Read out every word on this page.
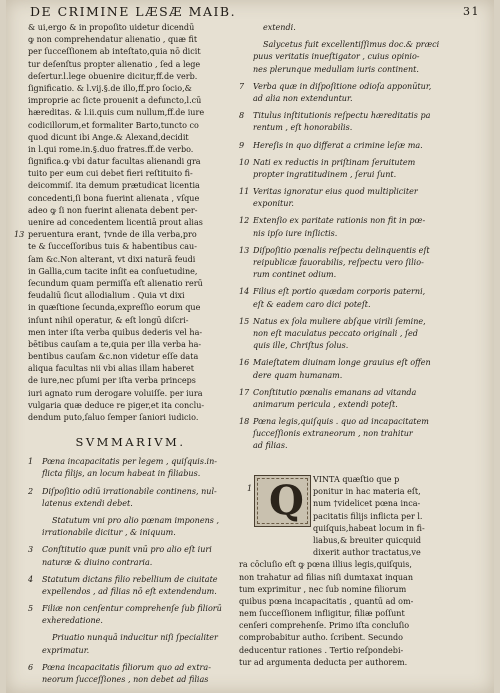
DE CRIMINE LÆSÆ MAIB.	31
& ui,ergo & in propoſito uidetur dicendū
ꝙ non comprehendatur alienatio , quæ fit
per ſucceſſionem ab inteſtato,quia nō dicit
tur deſenſtus propter alienatio , ſed a lege
deſertur.l.lege obuenire dicitur,ff.de verb.
ſignificatio. & l.vij.§.de illo,ff.pro ſocio,&
improprie ac ſicte prouenit a defuncto,l.cū
hæreditas. & l.ii.quis cum nullum,ff.de iure
codicillorum,et formaliter Barto,tuncto co
quod dicunt ibi Ange.& Alexand,decidit
in l.qui rome.in.§.duo fratres.ff.de verbo.
ſignifica.ꝙ vbi datur facultas alienandi gra
tuito per eum cui debet fieri reſtituito fi-
deicommiſ. ita demum prætudicat licentia
concedenti,ſi bona fuerint alienata , vſque
adeo ꝙ ſi non fuerint alienata debent per-
uenire ad concedentem licentiā prout alias
13 peruentura erant, †vnde de illa verba,pro
te & ſucceſſoribus tuis & habentibus cau-
ſam &c.Non alterant, vt dixi naturā feudi
in Gallia,cum tacite inſit ea conſuetudine,
ſecundum quam permiſſa eſt alienatio rerū
feudaliū ſicut allodialium . Quia vt dixi
in quæſtione ſecunda,expreſſio eorum que
inſunt nihil operatur, & eſt longū diſcri-
men inter iſta verba quibus dederis vel ha-
bētibus cauſam a te,quia per illa verba ha-
bentibus cauſam &c.non videtur eſſe data
aliqua facultas nii vbi alias illam haberet
de iure,nec pſumi per iſta verba princeps
iuri agnato rum derogare voluiſſe. per iura
vulgaria quæ deduce re piger,et ita conclu-
dendum puto,ſaluo ſemper ſaniori iudicio.
SVMMARIVM.
1 Pœna incapacitatis per legem , quiſquis.in-
flicta filijs, an locum habeat in filiabus.
2 Diſpoſitio odiū irrationabile continens, nul-
latenus extendi debet.
Statutum vni pro alio pœnam imponens ,
irrationabile dicitur , & iniquum.
3 Conſtitutio quæ punit vnū pro alio eſt iuri
naturæ & diuino contraria.
4 Statutum dictans filio rebellium de ciuitate
expellendos , ad filias nō eſt extendendum.
5 Filiæ non cenſentur comprehenſe ſub filiorū
exheredatione.
Priuatio nunquā inducitur niſi ſpecialiter
exprimatur.
6 Pœna incapacitatis filiorum quo ad extra-
neorum ſucceſſiones , non debet ad filias
extendi.
Salycetus fuit excellentiſſimus doc.& præci
puus veritatis inueſtigator , cuius opinio-
nes plerunque medullam iuris continent.
7 Verba quæ in diſpoſitione odioſa apponūtur,
ad alia non extenduntur.
8 Titulus inſtitutionis reſpectu hæreditatis pa
rentum , eſt honorabilis.
9 Hereſis in quo differat a crimine leſæ ma.
10 Nati ex reductis in priſtinam ſeruitutem
propter ingratitudinem , ſerui ſunt.
11 Veritas ignoratur eius quod multipliciter
exponitur.
12 Extenſio ex paritate rationis non fit in pœ-
nis ipſo iure inſlictis.
13 Diſpoſitio pœnalis reſpectu delinquentis eſt
reipublicæ fauorabilis, reſpectu vero ſilio-
rum continet odium.
14 Filius eſt portio quædam corporis paterni,
eſt & eadem caro dici poteſt.
15 Natus ex ſola muliere abſque virili ſemine,
non eſt maculatus peccato originali , ſed
quis ille, Chriſtus ſolus.
16 Maieſtatem diuinam longe grauius eſt offen
dere quam humanam.
17 Conſtitutio pœnalis emanans ad vitanda
animarum pericula , extendi poteſt.
18 Pœna legis,quiſquis . quo ad incapacitatem
ſucceſſionis extraneorum , non trahitur
ad filias.
Q
1
VINTA quæſtio que p
ponitur in hac materia eſt,
num †videlicet pœna inca-
pacitatis filijs inflicta per l.
quiſquis,habeat locum in fi-
liabus,& breuiter quicquid
dixerit author tractatus,ve
ra cōcluſio eſt ꝙ pœna illius legis,quiſquis,
non trahatur ad filias niſi dumtaxat inquan
tum exprimitur , nec ſub nomine filiorum
quibus pœna incapacitatis , quantū ad om-
nem ſucceſſionem infligitur, filiæ poſſunt
cenſeri comprehenſe. Primo iſta concluſio
comprobabitur autho. ſcribent. Secundo
deducentur rationes . Tertio reſpondebi-
tur ad argumenta deducta per authorem.
